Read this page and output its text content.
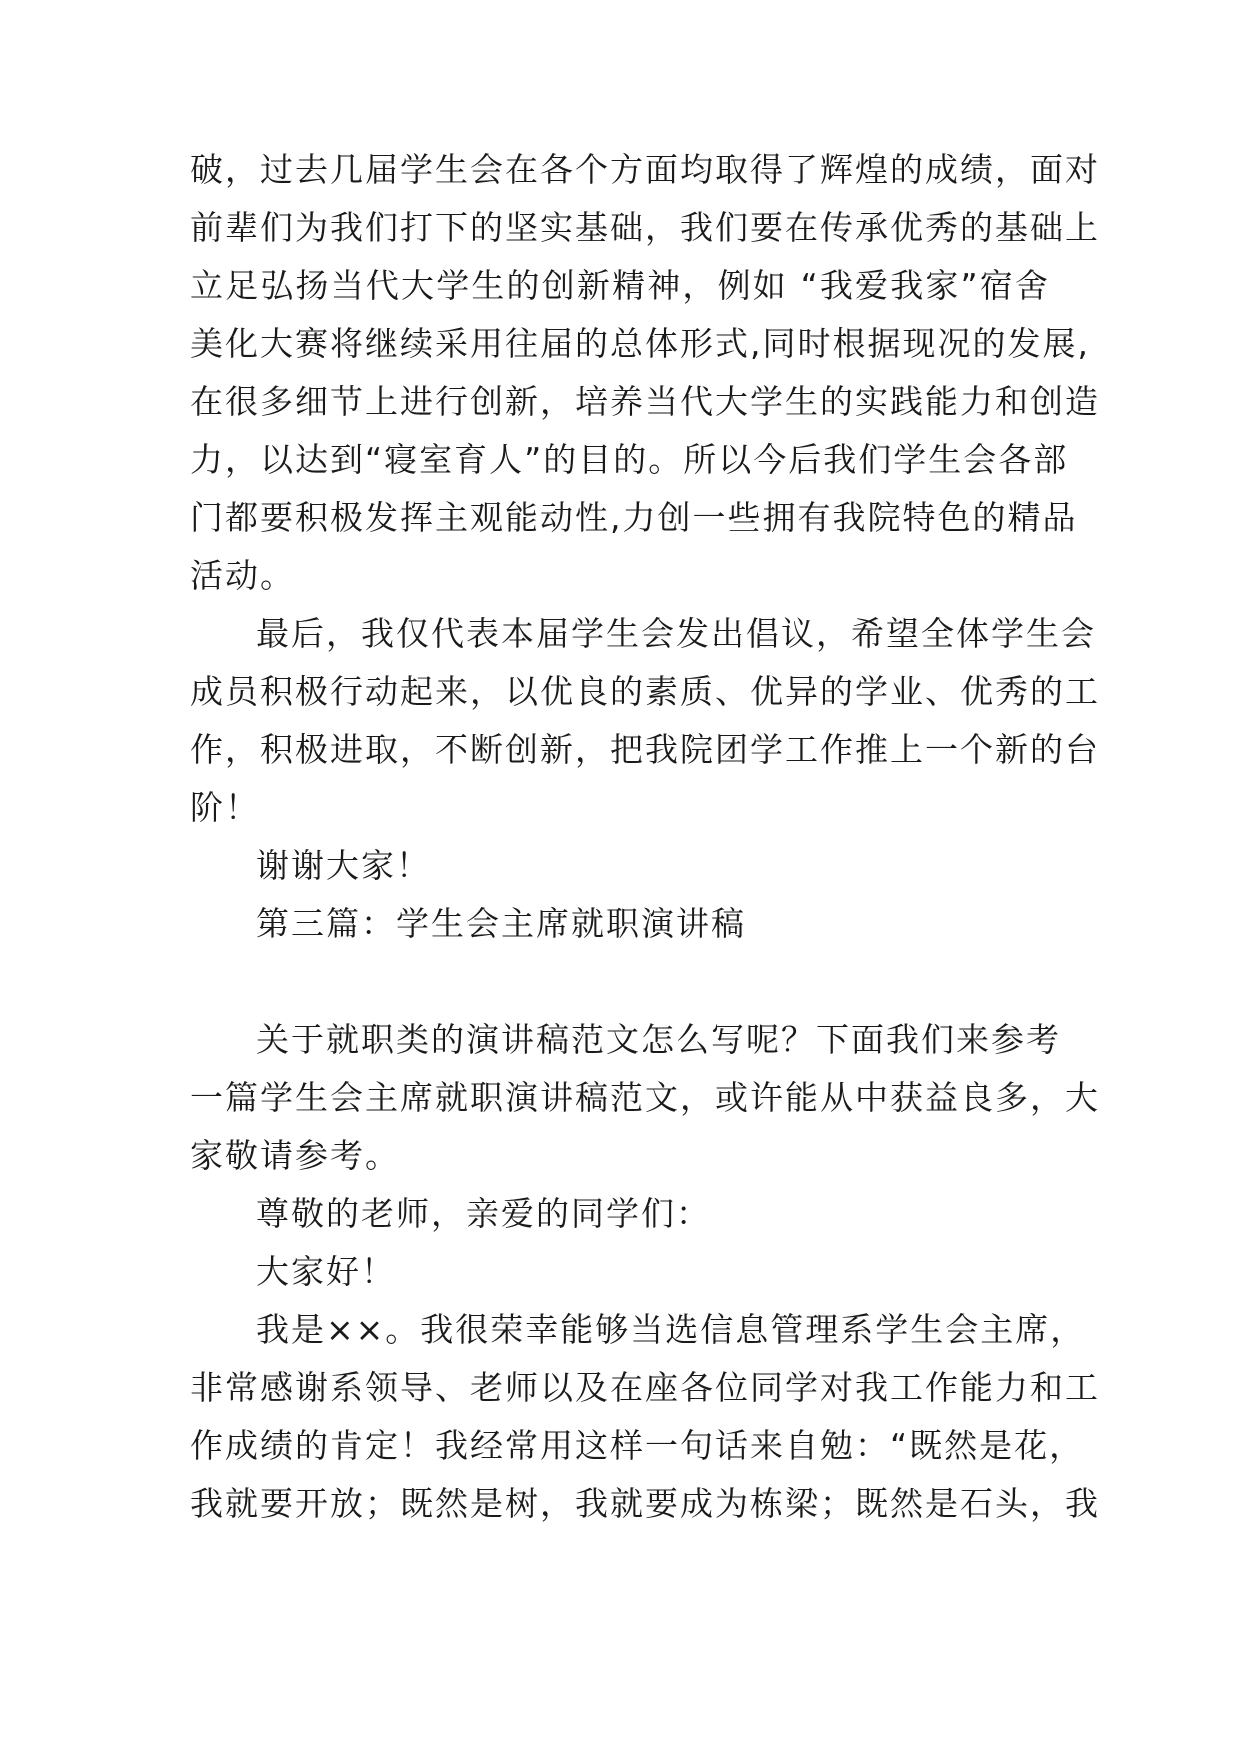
破，过去几届学生会在各个方面均取得了辉煌的成绩，面对
前辈们为我们打下的坚实基础，我们要在传承优秀的基础上
立足弘扬当代大学生的创新精神，例如 “我爱我家”宿舍
美化大赛将继续采用往届的总体形式,同时根据现况的发展,
在很多细节上进行创新，培养当代大学生的实践能力和创造
力，以达到“寝室育人”的目的。所以今后我们学生会各部
门都要积极发挥主观能动性,力创一些拥有我院特色的精品
活动。
最后，我仅代表本届学生会发出倡议，希望全体学生会
成员积极行动起来，以优良的素质、优异的学业、优秀的工
作，积极进取，不断创新，把我院团学工作推上一个新的台
阶！
谢谢大家！
第三篇：学生会主席就职演讲稿
关于就职类的演讲稿范文怎么写呢？下面我们来参考
一篇学生会主席就职演讲稿范文，或许能从中获益良多，大
家敬请参考。
尊敬的老师，亲爱的同学们：
大家好！
我是××。我很荣幸能够当选信息管理系学生会主席，
非常感谢系领导、老师以及在座各位同学对我工作能力和工
作成绩的肯定！我经常用这样一句话来自勉：“既然是花，
我就要开放；既然是树，我就要成为栋梁；既然是石头，我
